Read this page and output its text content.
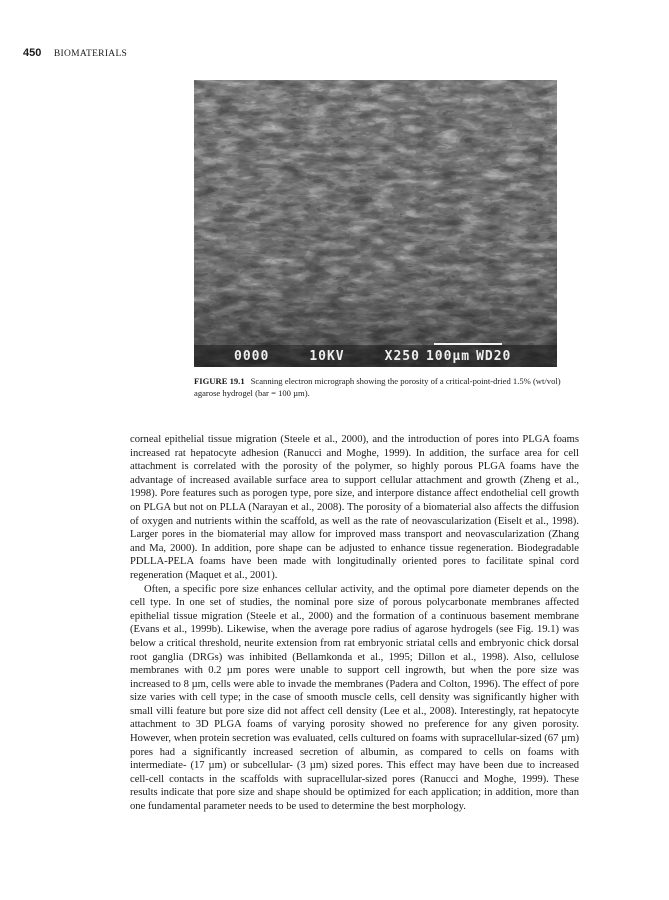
450 BIOMATERIALS
0000	10KV	X250 100µm WD20
FIGURE 19.1 Scanning electron micrograph showing the porosity of a critical-point-dried 1.5% (wt/vol) agarose hydrogel (bar = 100 µm).

corneal epithelial tissue migration (Steele et al., 2000), and the introduction of pores into PLGA foams increased rat hepatocyte adhesion (Ranucci and Moghe, 1999). In addition, the surface area for cell attachment is correlated with the porosity of the polymer, so highly porous PLGA foams have the advantage of increased available surface area to support cellular attachment and growth (Zheng et al., 1998). Pore features such as porogen type, pore size, and interpore distance affect endothelial cell growth on PLGA but not on PLLA (Narayan et al., 2008). The porosity of a biomaterial also affects the diffusion of oxygen and nutrients within the scaffold, as well as the rate of neovascularization (Eiselt et al., 1998). Larger pores in the biomaterial may allow for improved mass transport and neovascularization (Zhang and Ma, 2000). In addition, pore shape can be adjusted to enhance tissue regeneration. Biodegradable PDLLA-PELA foams have been made with longitudinally oriented pores to facilitate spinal cord regeneration (Maquet et al., 2001).

Often, a specific pore size enhances cellular activity, and the optimal pore diameter depends on the cell type. In one set of studies, the nominal pore size of porous polycarbonate membranes affected epithelial tissue migration (Steele et al., 2000) and the formation of a continuous basement membrane (Evans et al., 1999b). Likewise, when the average pore radius of agarose hydrogels (see Fig. 19.1) was below a critical threshold, neurite extension from rat embryonic striatal cells and embryonic chick dorsal root ganglia (DRGs) was inhibited (Bellamkonda et al., 1995; Dillon et al., 1998). Also, cellulose membranes with 0.2 µm pores were unable to support cell ingrowth, but when the pore size was increased to 8 µm, cells were able to invade the membranes (Padera and Colton, 1996). The effect of pore size varies with cell type; in the case of smooth muscle cells, cell density was significantly higher with small villi feature but pore size did not affect cell density (Lee et al., 2008). Interestingly, rat hepatocyte attachment to 3D PLGA foams of varying porosity showed no preference for any given porosity. However, when protein secretion was evaluated, cells cultured on foams with supracellular-sized (67 µm) pores had a significantly increased secretion of albumin, as compared to cells on foams with intermediate- (17 µm) or subcellular- (3 µm) sized pores. This effect may have been due to increased cell-cell contacts in the scaffolds with supracellular-sized pores (Ranucci and Moghe, 1999). These results indicate that pore size and shape should be optimized for each application; in addition, more than one fundamental parameter needs to be used to determine the best morphology.
